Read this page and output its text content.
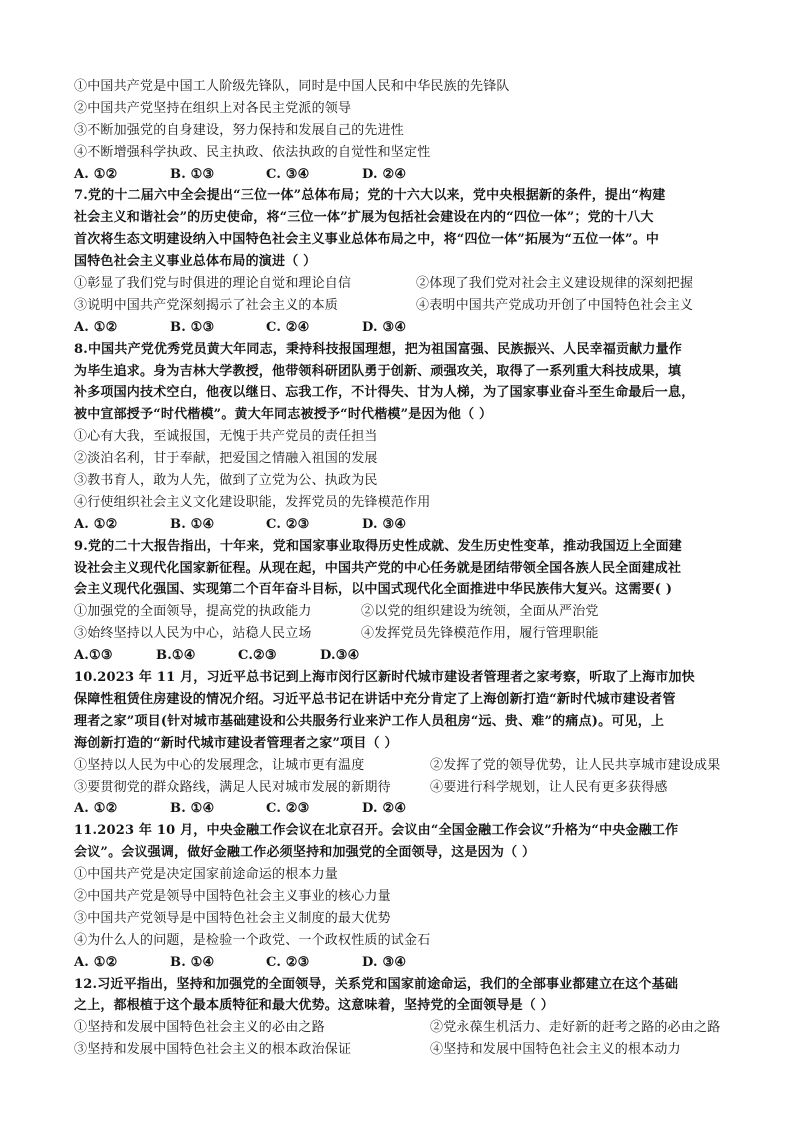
①中国共产党是中国工人阶级先锋队，同时是中国人民和中华民族的先锋队
②中国共产党坚持在组织上对各民主党派的领导
③不断加强党的自身建设，努力保持和发展自己的先进性
④不断增强科学执政、民主执政、依法执政的自觉性和坚定性
A. ①②	B. ①③	C. ③④	D. ②④
7.党的十二届六中全会提出“三位一体”总体布局；党的十六大以来，党中央根据新的条件，提出“构建
社会主义和谐社会”的历史使命，将“三位一体”扩展为包括社会建设在内的“四位一体”；党的十八大
首次将生态文明建设纳入中国特色社会主义事业总体布局之中，将“四位一体”拓展为“五位一体”。中
国特色社会主义事业总体布局的演进（ ）
①彰显了我们党与时俱进的理论自觉和理论自信	②体现了我们党对社会主义建设规律的深刻把握
③说明中国共产党深刻揭示了社会主义的本质	④表明中国共产党成功开创了中国特色社会主义
A. ①②	B. ①③	C. ②④	D. ③④
8.中国共产党优秀党员黄大年同志，秉持科技报国理想，把为祖国富强、民族振兴、人民幸福贡献力量作
为毕生追求。身为吉林大学教授，他带领科研团队勇于创新、顽强攻关，取得了一系列重大科技成果，填
补多项国内技术空白，他夜以继日、忘我工作，不计得失、甘为人梯，为了国家事业奋斗至生命最后一息，
被中宣部授予“时代楷模”。黄大年同志被授予“时代楷模”是因为他（ ）
①心有大我，至诚报国，无愧于共产党员的责任担当
②淡泊名利，甘于奉献，把爱国之情融入祖国的发展
③教书育人，敢为人先，做到了立党为公、执政为民
④行使组织社会主义文化建设职能，发挥党员的先锋模范作用
A. ①②	B. ①④	C. ②③	D. ③④
9.党的二十大报告指出，十年来，党和国家事业取得历史性成就、发生历史性变革，推动我国迈上全面建
设社会主义现代化国家新征程。从现在起，中国共产党的中心任务就是团结带领全国各族人民全面建成社
会主义现代化强国、实现第二个百年奋斗目标，以中国式现代化全面推进中华民族伟大复兴。这需要( )
①加强党的全面领导，提高党的执政能力	②以党的组织建设为统领，全面从严治党
③始终坚持以人民为中心，站稳人民立场	④发挥党员先锋模范作用，履行管理职能
A.①③	B.①④	C.②③	D.③④
10.2023 年 11 月，习近平总书记到上海市闵行区新时代城市建设者管理者之家考察，听取了上海市加快
保障性租赁住房建设的情况介绍。习近平总书记在讲话中充分肯定了上海创新打造“新时代城市建设者管
理者之家”项目(针对城市基础建设和公共服务行业来沪工作人员租房“远、贵、难”的痛点)。可见，上
海创新打造的“新时代城市建设者管理者之家”项目（ ）
①坚持以人民为中心的发展理念，让城市更有温度	②发挥了党的领导优势，让人民共享城市建设成果
③要贯彻党的群众路线，满足人民对城市发展的新期待	④要进行科学规划，让人民有更多获得感
A. ①②	B. ①④	C. ②③	D. ②④
11.2023 年 10 月，中央金融工作会议在北京召开。会议由“全国金融工作会议”升格为“中央金融工作
会议”。会议强调，做好金融工作必须坚持和加强党的全面领导，这是因为（ ）
①中国共产党是决定国家前途命运的根本力量
②中国共产党是领导中国特色社会主义事业的核心力量
③中国共产党领导是中国特色社会主义制度的最大优势
④为什么人的问题，是检验一个政党、一个政权性质的试金石
A. ①②	B. ①④	C. ②③	D. ③④
12.习近平指出，坚持和加强党的全面领导，关系党和国家前途命运，我们的全部事业都建立在这个基础
之上，都根植于这个最本质特征和最大优势。这意味着，坚持党的全面领导是（ ）
①坚持和发展中国特色社会主义的必由之路	②党永葆生机活力、走好新的赶考之路的必由之路
③坚持和发展中国特色社会主义的根本政治保证	④坚持和发展中国特色社会主义的根本动力
